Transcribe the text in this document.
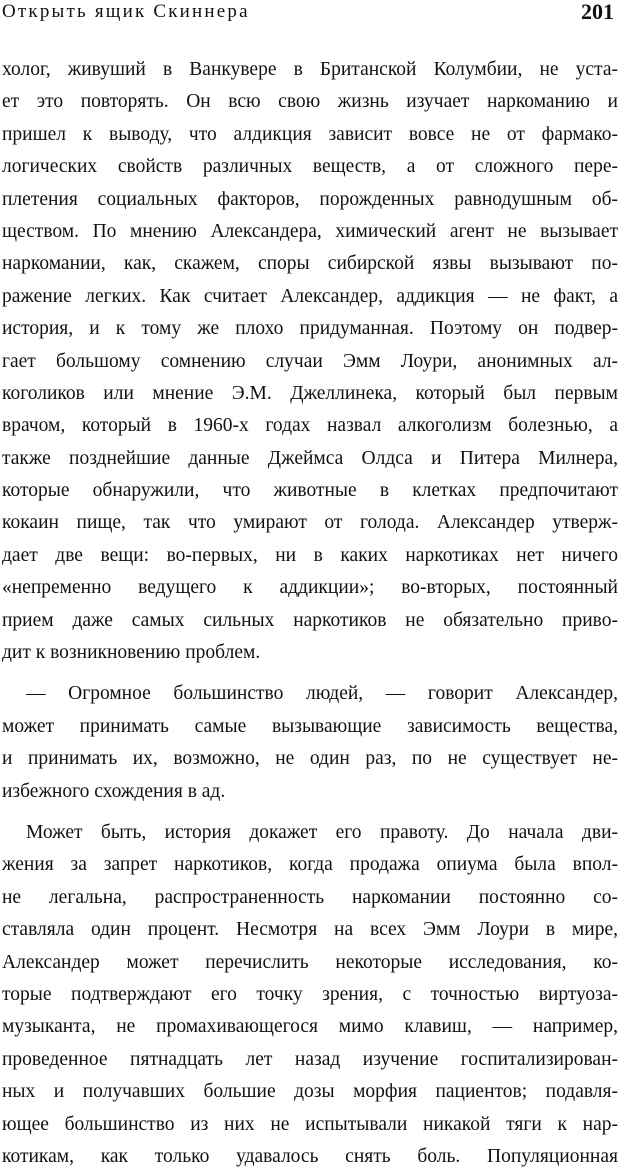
Открыть ящик Скиннера	201
холог, живуший в Ванкувере в Британской Колумбии, не уста-
ет это повторять. Он всю свою жизнь изучает наркоманию и
пришел к выводу, что алдикция зависит вовсе не от фармако-
логических свойств различных веществ, а от сложного пере-
плетения социальных факторов, порожденных равнодушным об-
ществом. По мнению Александера, химический агент не вызывает
наркомании, как, скажем, споры сибирской язвы вызывают по-
ражение легких. Как считает Александер, аддикция — не факт, а
история, и к тому же плохо придуманная. Поэтому он подвер-
гает большому сомнению случаи Эмм Лоури, анонимных ал-
коголиков или мнение Э.М. Джеллинека, который был первым
врачом, который в 1960-х годах назвал алкоголизм болезнью, а
также позднейшие данные Джеймса Олдса и Питера Милнера,
которые обнаружили, что животные в клетках предпочитают
кокаин пище, так что умирают от голода. Александер утверж-
дает две вещи: во-первых, ни в каких наркотиках нет ничего
«непременно ведущего к аддикции»; во-вторых, постоянный
прием даже самых сильных наркотиков не обязательно приво-
дит к возникновению проблем.
— Огромное большинство людей, — говорит Александер,
может принимать самые вызывающие зависимость вещества,
и принимать их, возможно, не один раз, по не существует не-
избежного схождения в ад.
Может быть, история докажет его правоту. До начала дви-
жения за запрет наркотиков, когда продажа опиума была впол-
не легальна, распространенность наркомании постоянно со-
ставляла один процент. Несмотря на всех Эмм Лоури в мире,
Александер может перечислить некоторые исследования, ко-
торые подтверждают его точку зрения, с точностью виртуоза-
музыканта, не промахивающегося мимо клавиш, — например,
проведенное пятнадцать лет назад изучение госпитализирован-
ных и получавших большие дозы морфия пациентов; подавля-
ющее большинство из них не испытывали никакой тяги к нар-
котикам, как только удавалось снять боль. Популяционная
